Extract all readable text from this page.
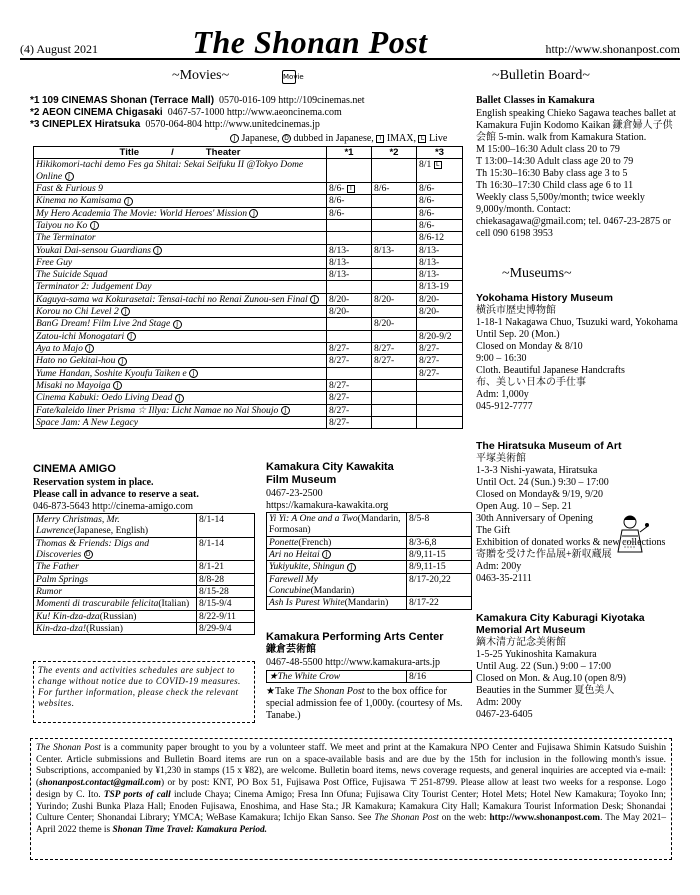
(4) August 2021	The Shonan Post	http://www.shonanpost.com
~Movies~	Movie
*1 109 CINEMAS Shonan (Terrace Mall) 0570-016-109 http://109cinemas.net
*2 AEON CINEMA Chigasaki 0467-57-1000 http://www.aeoncinema.com
*3 CINEPLEX Hiratsuka 0570-064-804 http://www.unitedcinemas.jp
J Japanese, D dubbed in Japanese, I IMAX, L Live
Title / Theater	*1	*2	*3
Hikikomori-tachi demo Fes ga Shitai: Sekai Seifuku II @Tokyo Dome Online J			8/1 L
Fast & Furious 9	8/6- I	8/6-	8/6-
Kinema no Kamisama J	8/6-		8/6-
My Hero Academia The Movie: World Heroes' Mission J	8/6-		8/6-
Taiyou no Ko J			8/6-
The Terminator			8/6-12
Youkai Dai-sensou Guardians J	8/13-	8/13-	8/13-
Free Guy	8/13-		8/13-
The Suicide Squad	8/13-		8/13-
Terminator 2: Judgement Day			8/13-19
Kaguya-sama wa Kokurasetai: Tensai-tachi no Renai Zunou-sen Final J	8/20-	8/20-	8/20-
Korou no Chi Level 2 J	8/20-		8/20-
BanG Dream! Film Live 2nd Stage J		8/20-	
Zatou-ichi Monogatari J			8/20-9/2
Aya to Majo J	8/27-	8/27-	8/27-
Hato no Gekitai-hou J	8/27-	8/27-	8/27-
Yume Handan, Soshite Kyoufu Taiken e J			8/27-
Misaki no Mayoiga J	8/27-		
Cinema Kabuki: Oedo Living Dead J	8/27-		
Fate/kaleido liner Prisma ☆ Illya: Licht Namae no Nai Shoujo J	8/27-		
Space Jam: A New Legacy	8/27-		
CINEMA AMIGO
Reservation system in place.
Please call in advance to reserve a seat.
046-873-5643 http://cinema-amigo.com
Merry Christmas, Mr. Lawrence(Japanese, English)	8/1-14
Thomas & Friends: Digs and Discoveries D	8/1-14
The Father	8/1-21
Palm Springs	8/8-28
Rumor	8/15-28
Momenti di trascurabile felicita(Italian)	8/15-9/4
Ku! Kin-dza-dza(Russian)	8/22-9/11
Kin-dza-dza!(Russian)	8/29-9/4
The events and activities schedules are subject to change without notice due to COVID-19 measures. For further information, please check the relevant websites.
Kamakura City Kawakita
Film Museum
0467-23-2500
https://kamakura-kawakita.org
Yi Yi: A One and a Two(Mandarin, Formosan)	8/5-8
Ponette(French)	8/3-6,8
Ari no Heitai J	8/9,11-15
Yukiyukite, Shingun J	8/9,11-15
Farewell My Concubine(Mandarin)	8/17-20,22
Ash Is Purest White(Mandarin)	8/17-22
Kamakura Performing Arts Center
鎌倉芸術館
0467-48-5500 http://www.kamakura-arts.jp
★The White Crow	8/16
★Take The Shonan Post to the box office for special admission fee of 1,000y. (courtesy of Ms. Tanabe.)
~Bulletin Board~
Ballet Classes in Kamakura
English speaking Chieko Sagawa teaches ballet at Kamakura Fujin Kodomo Kaikan 鎌倉婦人子供会館 5-min. walk from Kamakura Station.
M 15:00–16:30 Adult class 20 to 79
T 13:00–14:30 Adult class age 20 to 79
Th 15:30–16:30 Baby class age 3 to 5
Th 16:30–17:30 Child class age 6 to 11
Weekly class 5,500y/month; twice weekly 9,000y/month. Contact: chiekasagawa@gmail.com; tel. 0467-23-2875 or cell 090 6198 3953
~Museums~
Yokohama History Museum
横浜市歴史博物館
1-18-1 Nakagawa Chuo, Tsuzuki ward, Yokohama
Until Sep. 20 (Mon.)
Closed on Monday & 8/10
9:00 – 16:30
Cloth. Beautiful Japanese Handcrafts
布、美しい日本の手仕事
Adm: 1,000y
045-912-7777
The Hiratsuka Museum of Art
平塚美術館
1-3-3 Nishi-yawata, Hiratsuka
Until Oct. 24 (Sun.) 9:30 – 17:00
Closed on Monday& 9/19, 9/20
Open Aug. 10 – Sep. 21
30th Anniversary of Opening
The Gift
Exhibition of donated works & new collections
寄贈を受けた作品展+新収蔵展
Adm: 200y
0463-35-2111
Kamakura City Kaburagi Kiyotaka Memorial Art Museum
鏑木清方記念美術館
1-5-25 Yukinoshita Kamakura
Until Aug. 22 (Sun.) 9:00 – 17:00
Closed on Mon. & Aug.10 (open 8/9)
Beauties in the Summer 夏色美人
Adm: 200y
0467-23-6405
The Shonan Post is a community paper brought to you by a volunteer staff. We meet and print at the Kamakura NPO Center and Fujisawa Shimin Katsudo Suishin Center. Article submissions and Bulletin Board items are run on a space-available basis and are due by the 15th for inclusion in the following month's issue. Subscriptions, accompanied by ¥1,230 in stamps (15 x ¥82), are welcome. Bulletin board items, news coverage requests, and general inquiries are accepted via e-mail: (shonanpost.contact@gmail.com) or by post: KNT, PO Box 51, Fujisawa Post Office, Fujisawa 〒251-8799. Please allow at least two weeks for a response. Logo design by C. Ito. TSP ports of call include Chaya; Cinema Amigo; Fresa Inn Ofuna; Fujisawa City Tourist Center; Hotel Mets; Hotel New Kamakura; Toyoko Inn; Yurindo; Zushi Bunka Plaza Hall; Enoden Fujisawa, Enoshima, and Hase Sta.; JR Kamakura; Kamakura City Hall; Kamakura Tourist Information Desk; Shonandai Culture Center; Shonandai Library; YMCA; WeBase Kamakura; Ichijo Ekan Sanso. See The Shonan Post on the web: http://www.shonanpost.com. The May 2021–April 2022 theme is Shonan Time Travel: Kamakura Period.
